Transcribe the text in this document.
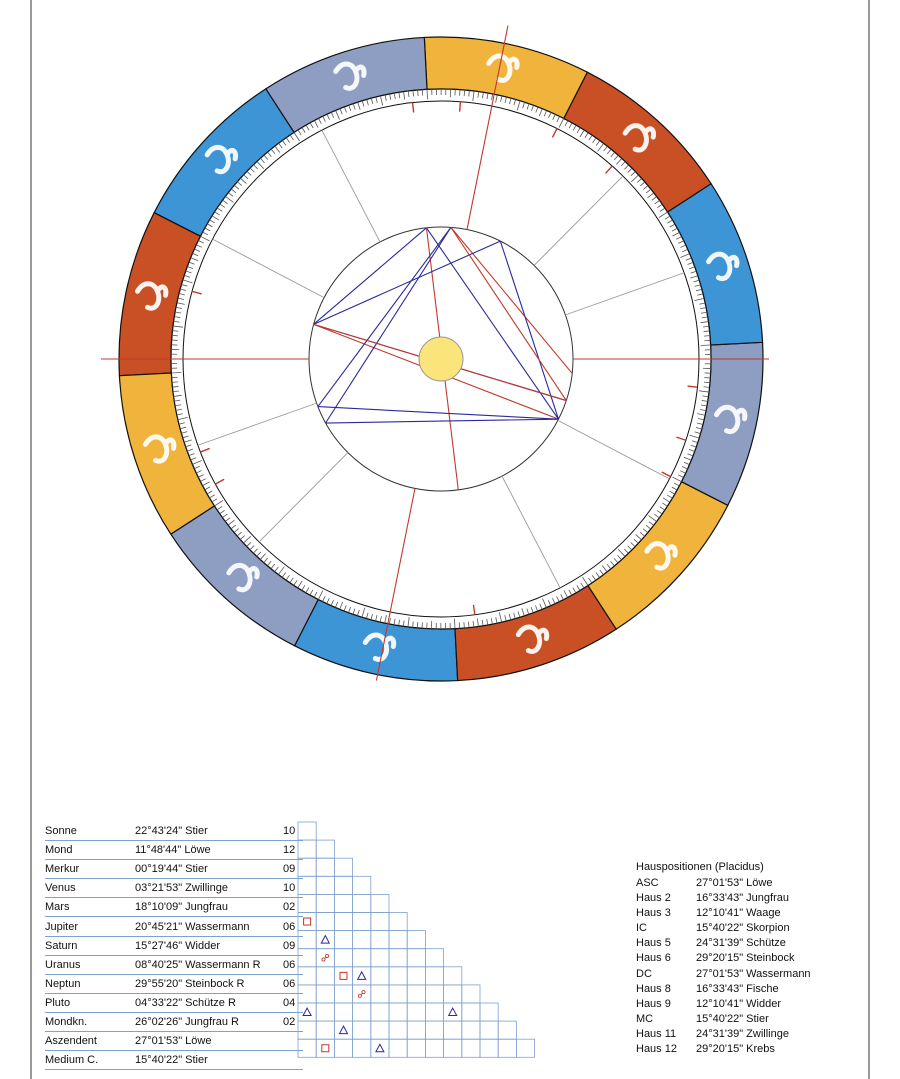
Sonne	22°43'24" Stier	10
Mond	11°48'44" Löwe	12
Merkur	00°19'44" Stier	09
Venus	03°21'53" Zwillinge	10
Mars	18°10'09" Jungfrau	02
Jupiter	20°45'21" Wassermann	06
Saturn	15°27'46" Widder	09
Uranus	08°40'25" Wassermann R	06
Neptun	29°55'20" Steinbock R	06
Pluto	04°33'22" Schütze R	04
Mondkn.	26°02'26" Jungfrau R	02
Aszendent	27°01'53" Löwe	
Medium C.	15°40'22" Stier	
Hauspositionen (Placidus)
ASC	27°01'53" Löwe
Haus 2 16°33'43" Jungfrau
Haus 3 12°10'41" Waage
IC	15°40'22" Skorpion
Haus 5 24°31'39" Schütze
Haus 6 29°20'15" Steinbock
DC	27°01'53" Wassermann
Haus 8 16°33'43" Fische
Haus 9 12°10'41" Widder
MC	15°40'22" Stier
Haus 11 24°31'39" Zwillinge
Haus 12 29°20'15" Krebs
